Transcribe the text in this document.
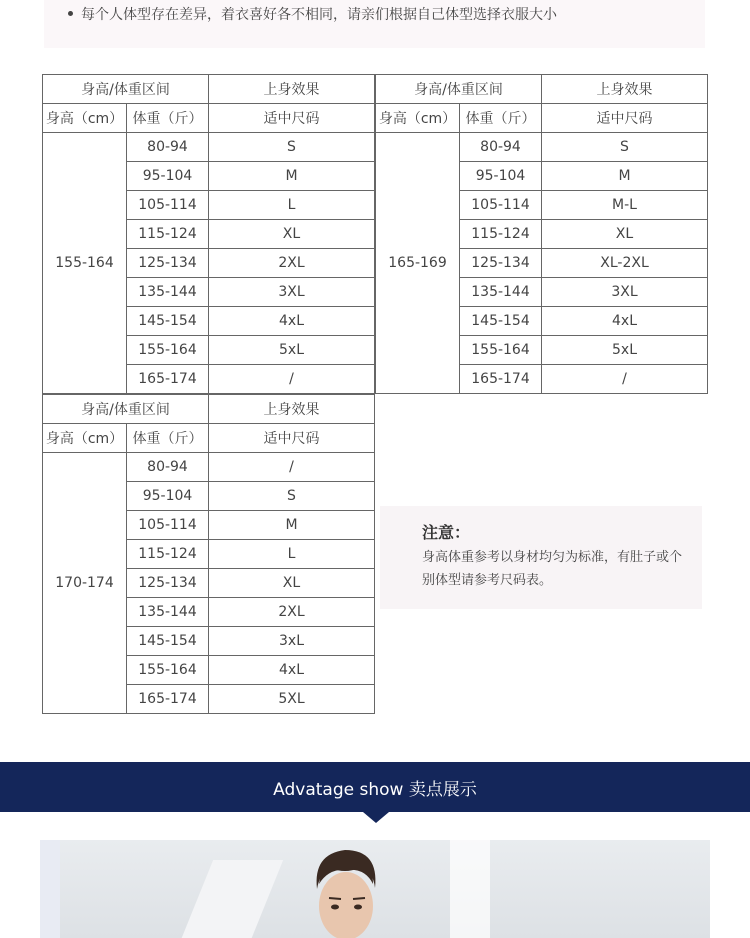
每个人体型存在差异，着衣喜好各不相同，请亲们根据自己体型选择衣服大小
身高/体重区间		上身效果
身高（cm）	体重（斤）	适中尺码
155-164	80-94	S
	95-104	M
	105-114	L
	115-124	XL
	125-134	2XL
	135-144	3XL
	145-154	4xL
	155-164	5xL
	165-174	/
身高/体重区间		上身效果
身高（cm）	体重（斤）	适中尺码
165-169	80-94	S
	95-104	M
	105-114	M-L
	115-124	XL
	125-134	XL-2XL
	135-144	3XL
	145-154	4xL
	155-164	5xL
	165-174	/
身高/体重区间		上身效果
身高（cm）	体重（斤）	适中尺码
170-174	80-94	/
	95-104	S
	105-114	M
	115-124	L
	125-134	XL
	135-144	2XL
	145-154	3xL
	155-164	4xL
	165-174	5XL
注意：
身高体重参考以身材均匀为标准，有肚子或个别体型请参考尺码表。
Advatage show 卖点展示
